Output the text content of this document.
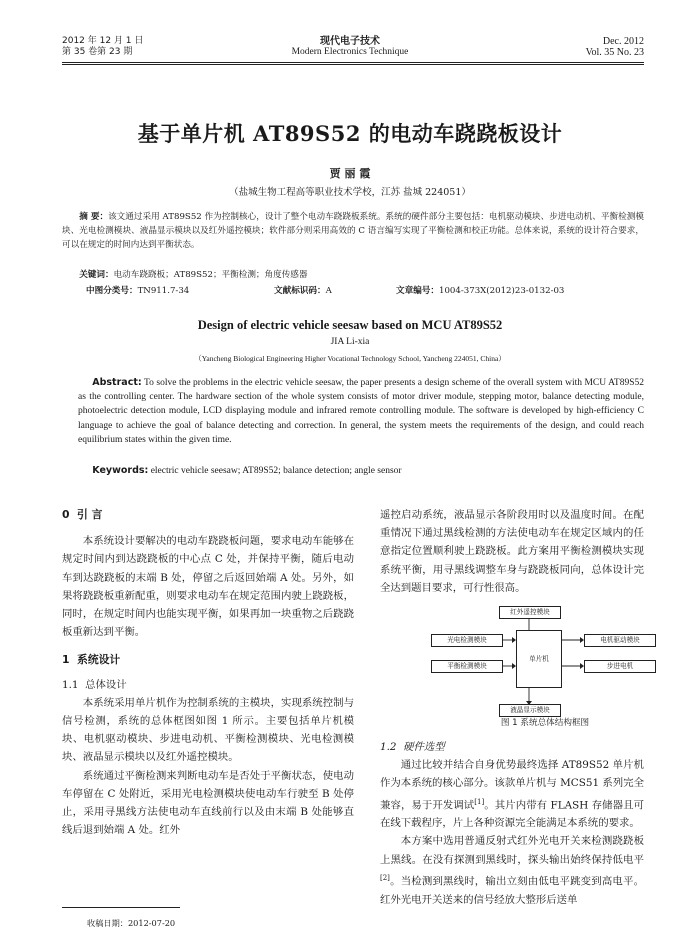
2012 年 12 月 1 日
第 35 卷第 23 期
现代电子技术
Modern Electronics Technique
Dec. 2012
Vol. 35 No. 23
基于单片机 AT89S52 的电动车跷跷板设计
贾 丽 霞
（盐城生物工程高等职业技术学校，江苏 盐城 224051）
摘 要：该文通过采用 AT89S52 作为控制核心，设计了整个电动车跷跷板系统。系统的硬件部分主要包括：电机驱动模块、步进电动机、平衡检测模块、光电检测模块、液晶显示模块以及红外遥控模块；软件部分则采用高效的 C 语言编写实现了平衡检测和校正功能。总体来说，系统的设计符合要求，可以在规定的时间内达到平衡状态。
关键词：电动车跷跷板；AT89S52；平衡检测；角度传感器
中图分类号：TN911.7-34	文献标识码：A	文章编号：1004-373X(2012)23-0132-03
Design of electric vehicle seesaw based on MCU AT89S52
JIA Li-xia
（Yancheng Biological Engineering Higher Vocational Technology School, Yancheng 224051, China）
Abstract: To solve the problems in the electric vehicle seesaw, the paper presents a design scheme of the overall system with MCU AT89S52 as the controlling center. The hardware section of the whole system consists of motor driver module, stepping motor, balance detecting module, photoelectric detection module, LCD displaying module and infrared remote controlling module. The software is developed by high-efficiency C language to achieve the goal of balance detecting and correction. In general, the system meets the requirements of the design, and could reach equilibrium states within the given time.
Keywords: electric vehicle seesaw; AT89S52; balance detection; angle sensor
0 引 言

本系统设计要解决的电动车跷跷板问题，要求电动车能够在规定时间内到达跷跷板的中心点 C 处，并保持平衡，随后电动车到达跷跷板的末端 B 处，停留之后返回始端 A 处。另外，如果将跷跷板重新配重，则要求电动车在规定范围内驶上跷跷板，同时，在规定时间内也能实现平衡，如果再加一块重物之后跷跷板重新达到平衡。

1 系统设计
1.1 总体设计

本系统采用单片机作为控制系统的主模块，实现系统控制与信号检测，系统的总体框图如图 1 所示。主要包括单片机模块、电机驱动模块、步进电动机、平衡检测模块、光电检测模块、液晶显示模块以及红外遥控模块。

系统通过平衡检测来判断电动车是否处于平衡状态，使电动车停留在 C 处附近，采用光电检测模块使电动车行驶至 B 处停止，采用寻黑线方法使电动车直线前行以及由末端 B 处能够直线后退到始端 A 处。红外

收稿日期：2012-07-20

遥控启动系统，液晶显示各阶段用时以及温度时间。在配重情况下通过黑线检测的方法使电动车在规定区域内的任意指定位置顺利驶上跷跷板。此方案用平衡检测模块实现系统平衡，用寻黑线调整车身与跷跷板同向，总体设计完全达到题目要求，可行性很高。

红外遥控模块
光电检测模块
平衡检测模块
单片机
电机驱动模块
步进电机
液晶显示模块
图 1 系统总体结构框图
1.2 硬件选型

通过比较并结合自身优势最终选择 AT89S52 单片机作为本系统的核心部分。该款单片机与 MCS51 系列完全兼容，易于开发调试[1]。其片内带有 FLASH 存储器且可在线下载程序，片上各种资源完全能满足本系统的要求。

本方案中选用普通反射式红外光电开关来检测跷跷板上黑线。在没有探测到黑线时，探头输出始终保持低电平[2]。当检测到黑线时，输出立刻由低电平跳变到高电平。红外光电开关送来的信号经放大整形后送单
